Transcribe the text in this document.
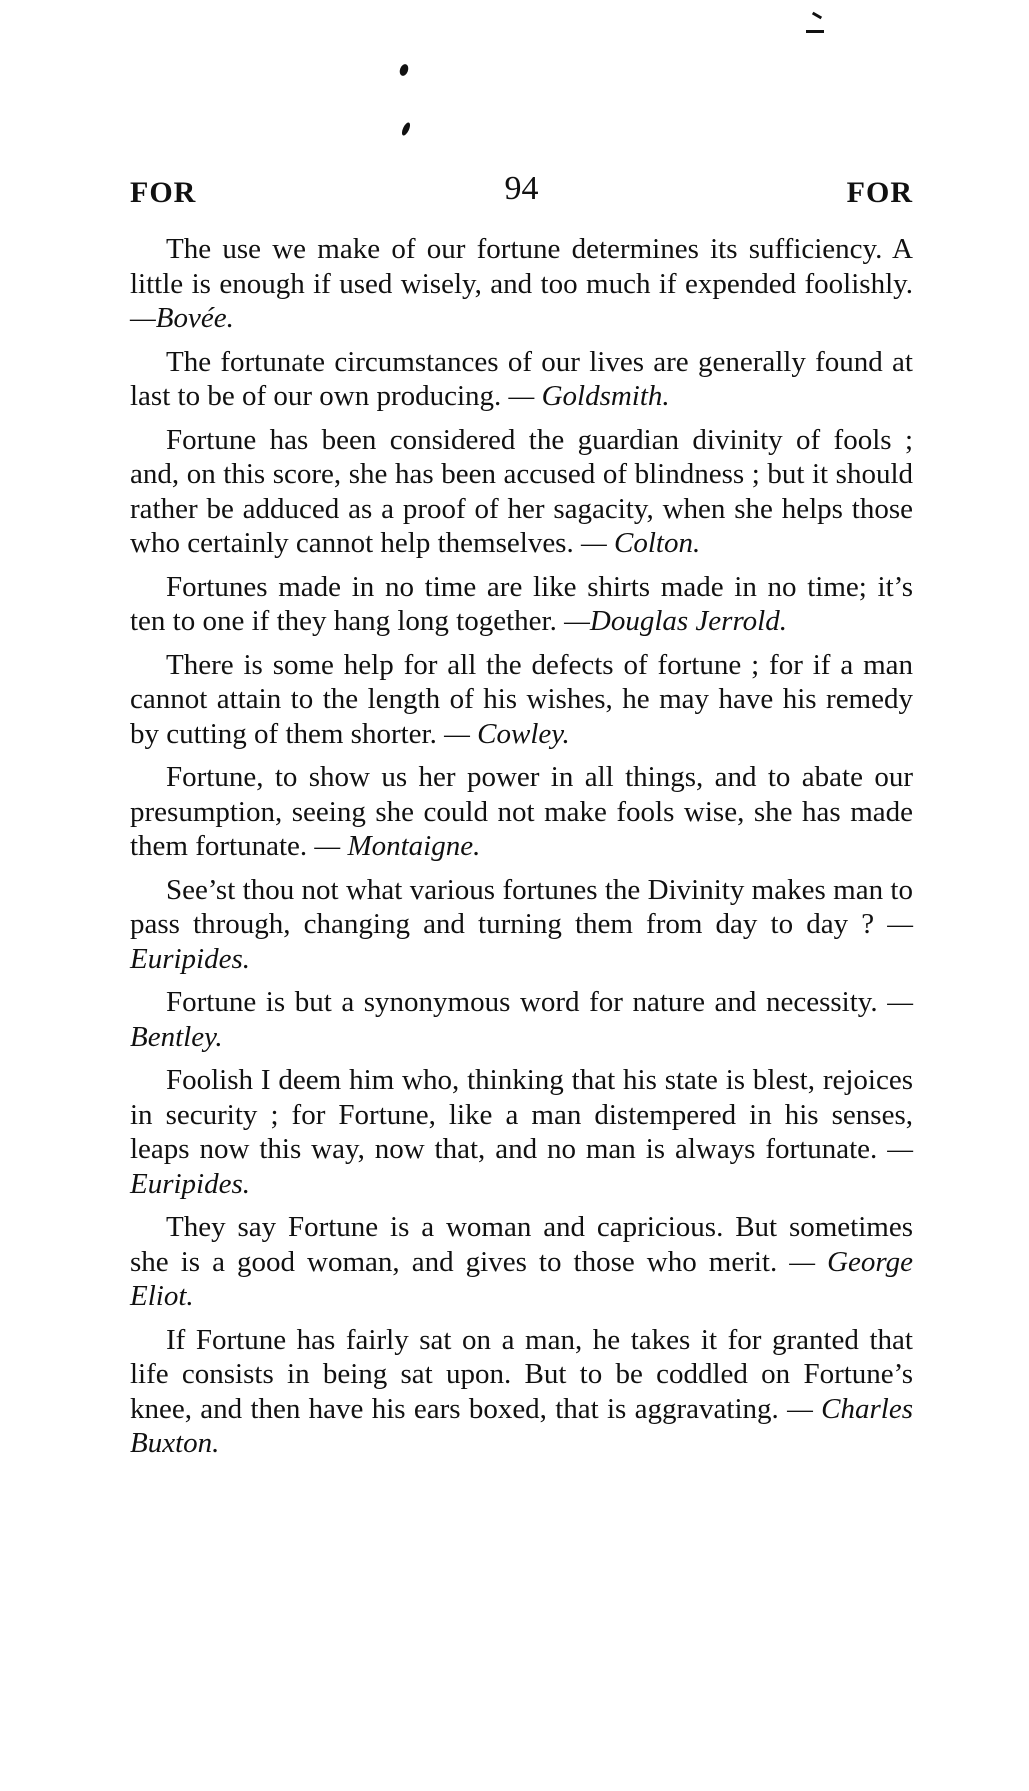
FOR	94	FOR

The use we make of our fortune determines its sufficiency. A little is enough if used wisely, and too much if expended foolishly. —Bovée.

The fortunate circumstances of our lives are generally found at last to be of our own producing. — Goldsmith.

Fortune has been considered the guardian divinity of fools ; and, on this score, she has been accused of blindness ; but it should rather be adduced as a proof of her sagacity, when she helps those who certainly cannot help themselves. — Colton.

Fortunes made in no time are like shirts made in no time; it’s ten to one if they hang long together. —Douglas Jerrold.

There is some help for all the defects of fortune ; for if a man cannot attain to the length of his wishes, he may have his remedy by cutting of them shorter. — Cowley.

Fortune, to show us her power in all things, and to abate our presumption, seeing she could not make fools wise, she has made them fortunate. — Montaigne.

See’st thou not what various fortunes the Divinity makes man to pass through, changing and turning them from day to day ? —Euripides.

Fortune is but a synonymous word for nature and necessity. — Bentley.

Foolish I deem him who, thinking that his state is blest, rejoices in security ; for Fortune, like a man distempered in his senses, leaps now this way, now that, and no man is always fortunate. — Euripides.

They say Fortune is a woman and capricious. But sometimes she is a good woman, and gives to those who merit. — George Eliot.

If Fortune has fairly sat on a man, he takes it for granted that life consists in being sat upon. But to be coddled on Fortune’s knee, and then have his ears boxed, that is aggravating. — Charles Buxton.
